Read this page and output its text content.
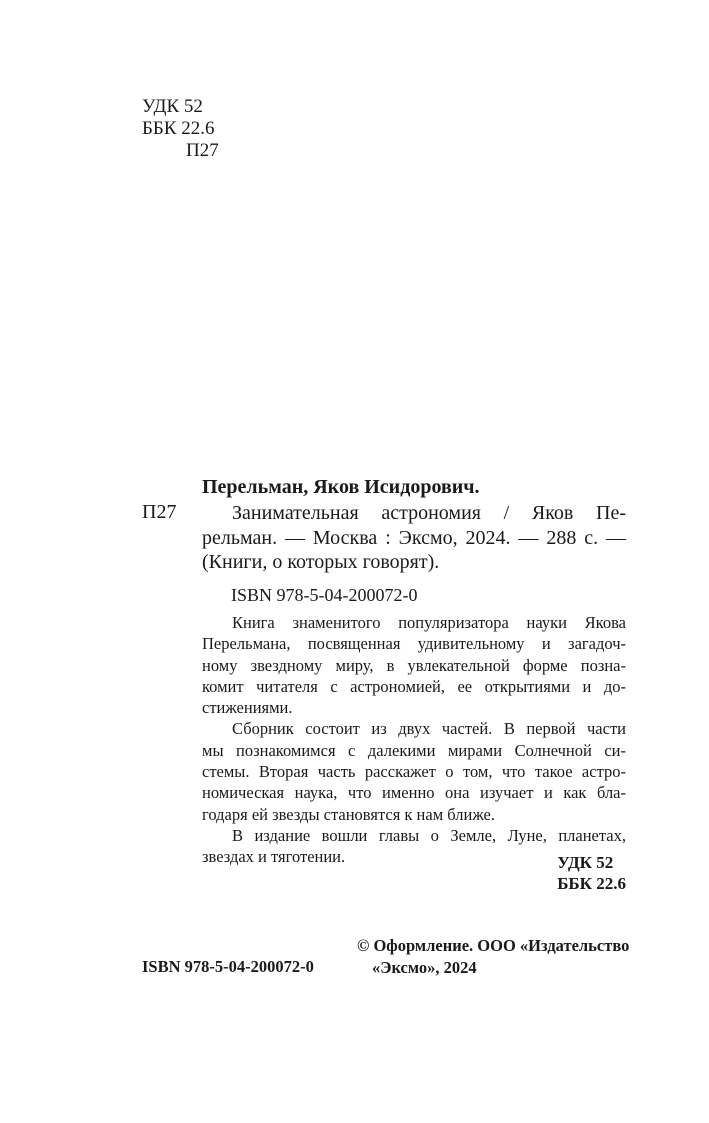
УДК 52
ББК 22.6
П27
Перельман, Яков Исидорович.
П27	Занимательная астрономия / Яков Пе-
рельман. — Москва : Эксмо, 2024. — 288 с. —
(Книги, о которых говорят).
ISBN 978-5-04-200072-0
Книга знаменитого популяризатора науки Якова
Перельмана, посвященная удивительному и загадоч-
ному звездному миру, в увлекательной форме позна-
комит читателя с астрономией, ее открытиями и до-
стижениями.
Сборник состоит из двух частей. В первой части
мы познакомимся с далекими мирами Солнечной си-
стемы. Вторая часть расскажет о том, что такое астро-
номическая наука, что именно она изучает и как бла-
годаря ей звезды становятся к нам ближе.
В издание вошли главы о Земле, Луне, планетах,
звездах и тяготении.	УДК 52
ББК 22.6
ISBN 978-5-04-200072-0
© Оформление. ООО «Издательство
«Эксмо», 2024
